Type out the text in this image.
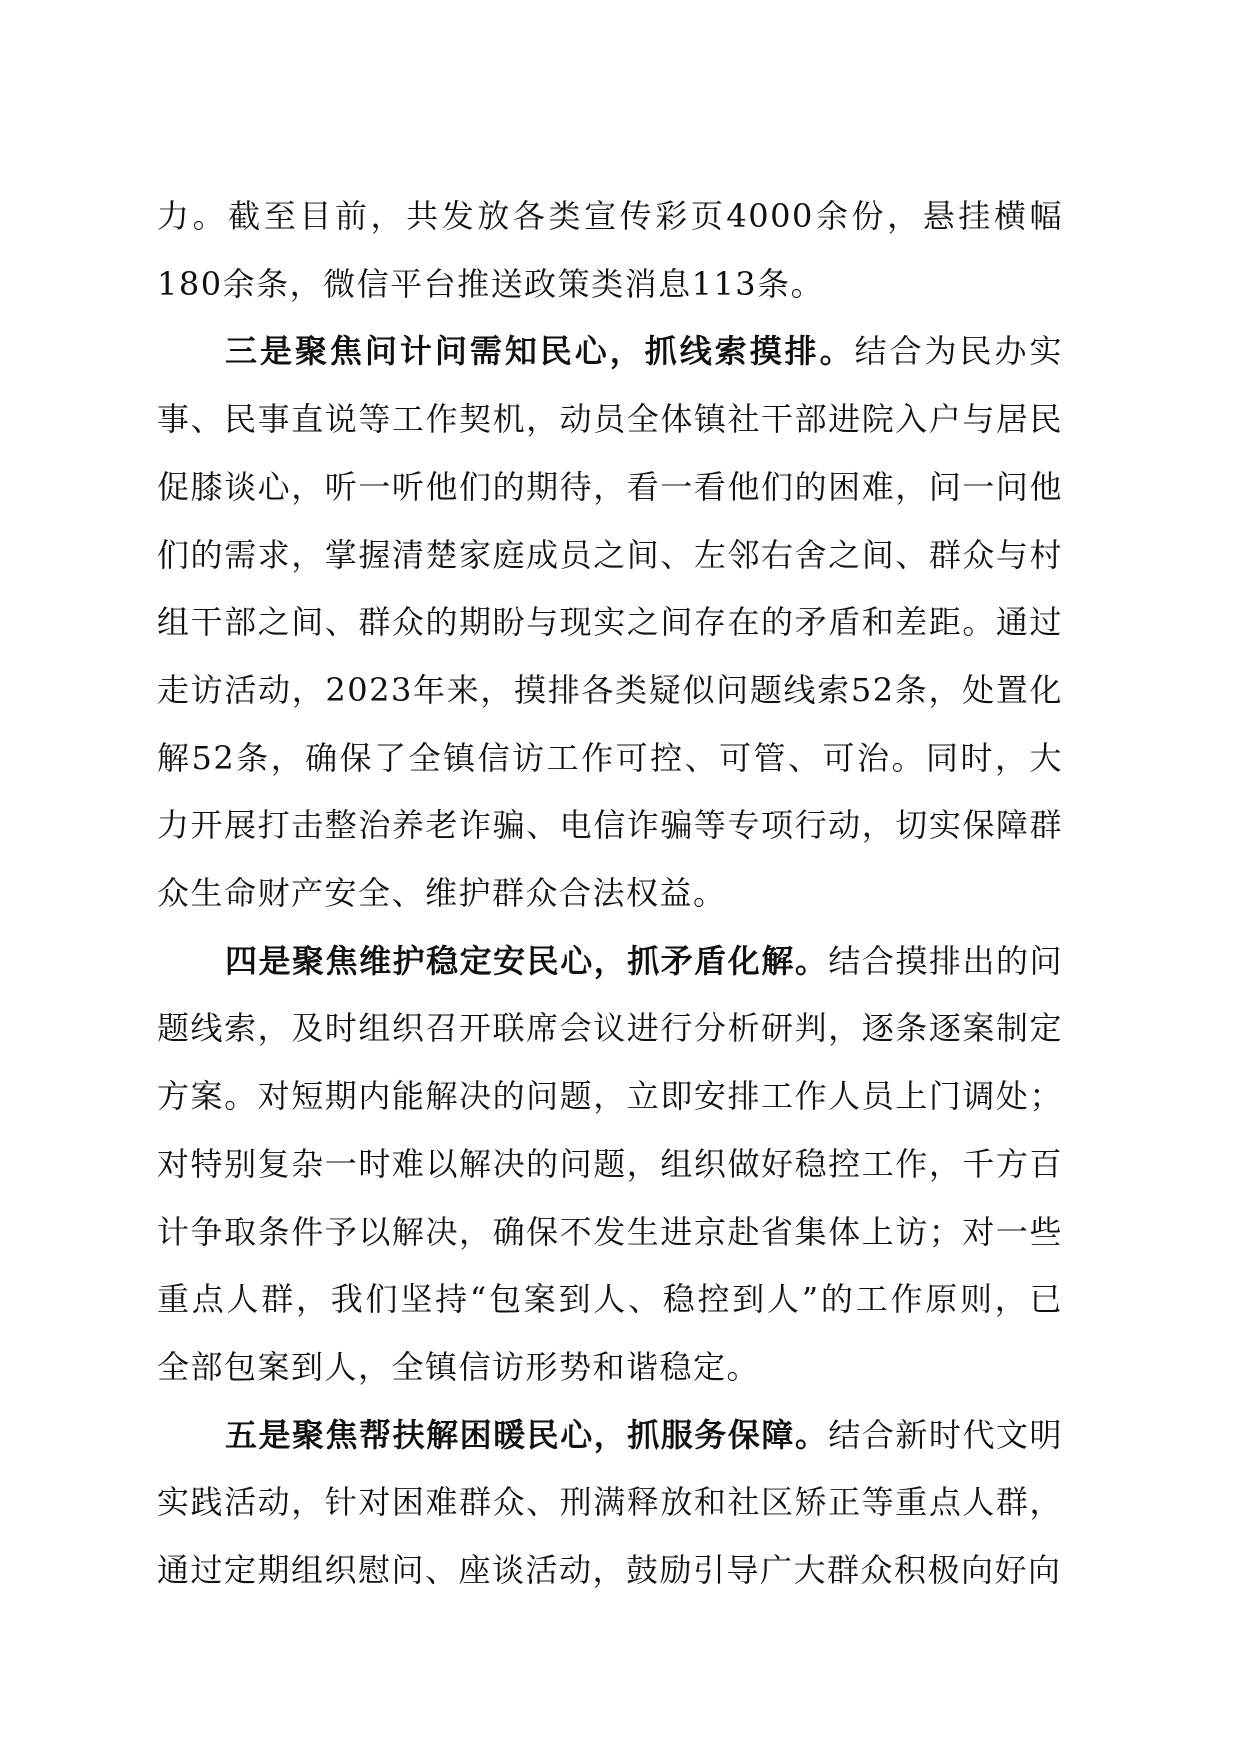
力。截至目前，共发放各类宣传彩页4000余份，悬挂横幅180余条，微信平台推送政策类消息113条。

三是聚焦问计问需知民心，抓线索摸排。结合为民办实事、民事直说等工作契机，动员全体镇社干部进院入户与居民促膝谈心，听一听他们的期待，看一看他们的困难，问一问他们的需求，掌握清楚家庭成员之间、左邻右舍之间、群众与村组干部之间、群众的期盼与现实之间存在的矛盾和差距。通过走访活动，2023年来，摸排各类疑似问题线索52条，处置化解52条，确保了全镇信访工作可控、可管、可治。同时，大力开展打击整治养老诈骗、电信诈骗等专项行动，切实保障群众生命财产安全、维护群众合法权益。

四是聚焦维护稳定安民心，抓矛盾化解。结合摸排出的问题线索，及时组织召开联席会议进行分析研判，逐条逐案制定方案。对短期内能解决的问题，立即安排工作人员上门调处；对特别复杂一时难以解决的问题，组织做好稳控工作，千方百计争取条件予以解决，确保不发生进京赴省集体上访；对一些重点人群，我们坚持“包案到人、稳控到人”的工作原则，已全部包案到人，全镇信访形势和谐稳定。

五是聚焦帮扶解困暖民心，抓服务保障。结合新时代文明实践活动，针对困难群众、刑满释放和社区矫正等重点人群，通过定期组织慰问、座谈活动，鼓励引导广大群众积极向好向
